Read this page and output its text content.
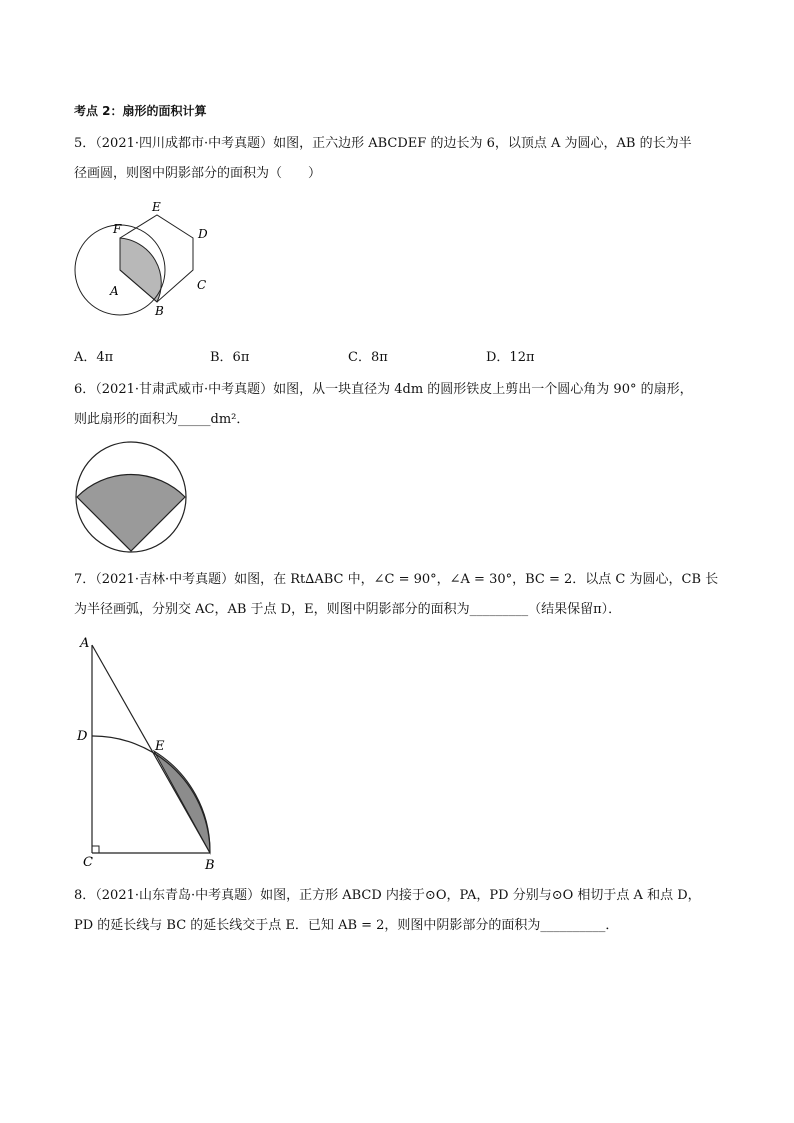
考点 2：扇形的面积计算
5．（2021·四川成都市·中考真题）如图，正六边形 ABCDEF 的边长为 6，以顶点 A 为圆心，AB 的长为半
径画圆，则图中阴影部分的面积为（　　）
A
B
C
D
E
F
A．4π	B．6π	C．8π	D．12π
6．（2021·甘肃武威市·中考真题）如图，从一块直径为 4dm 的圆形铁皮上剪出一个圆心角为 90° 的扇形，
则此扇形的面积为_____dm²．
7．（2021·吉林·中考真题）如图，在 Rt∆ABC 中，∠C = 90°，∠A = 30°，BC = 2．以点 C 为圆心，CB 长
为半径画弧，分别交 AC，AB 于点 D，E，则图中阴影部分的面积为_________（结果保留π）．
A
D
E
C	B
8．（2021·山东青岛·中考真题）如图，正方形 ABCD 内接于⊙O，PA，PD 分别与⊙O 相切于点 A 和点 D，
PD 的延长线与 BC 的延长线交于点 E．已知 AB = 2，则图中阴影部分的面积为__________．
